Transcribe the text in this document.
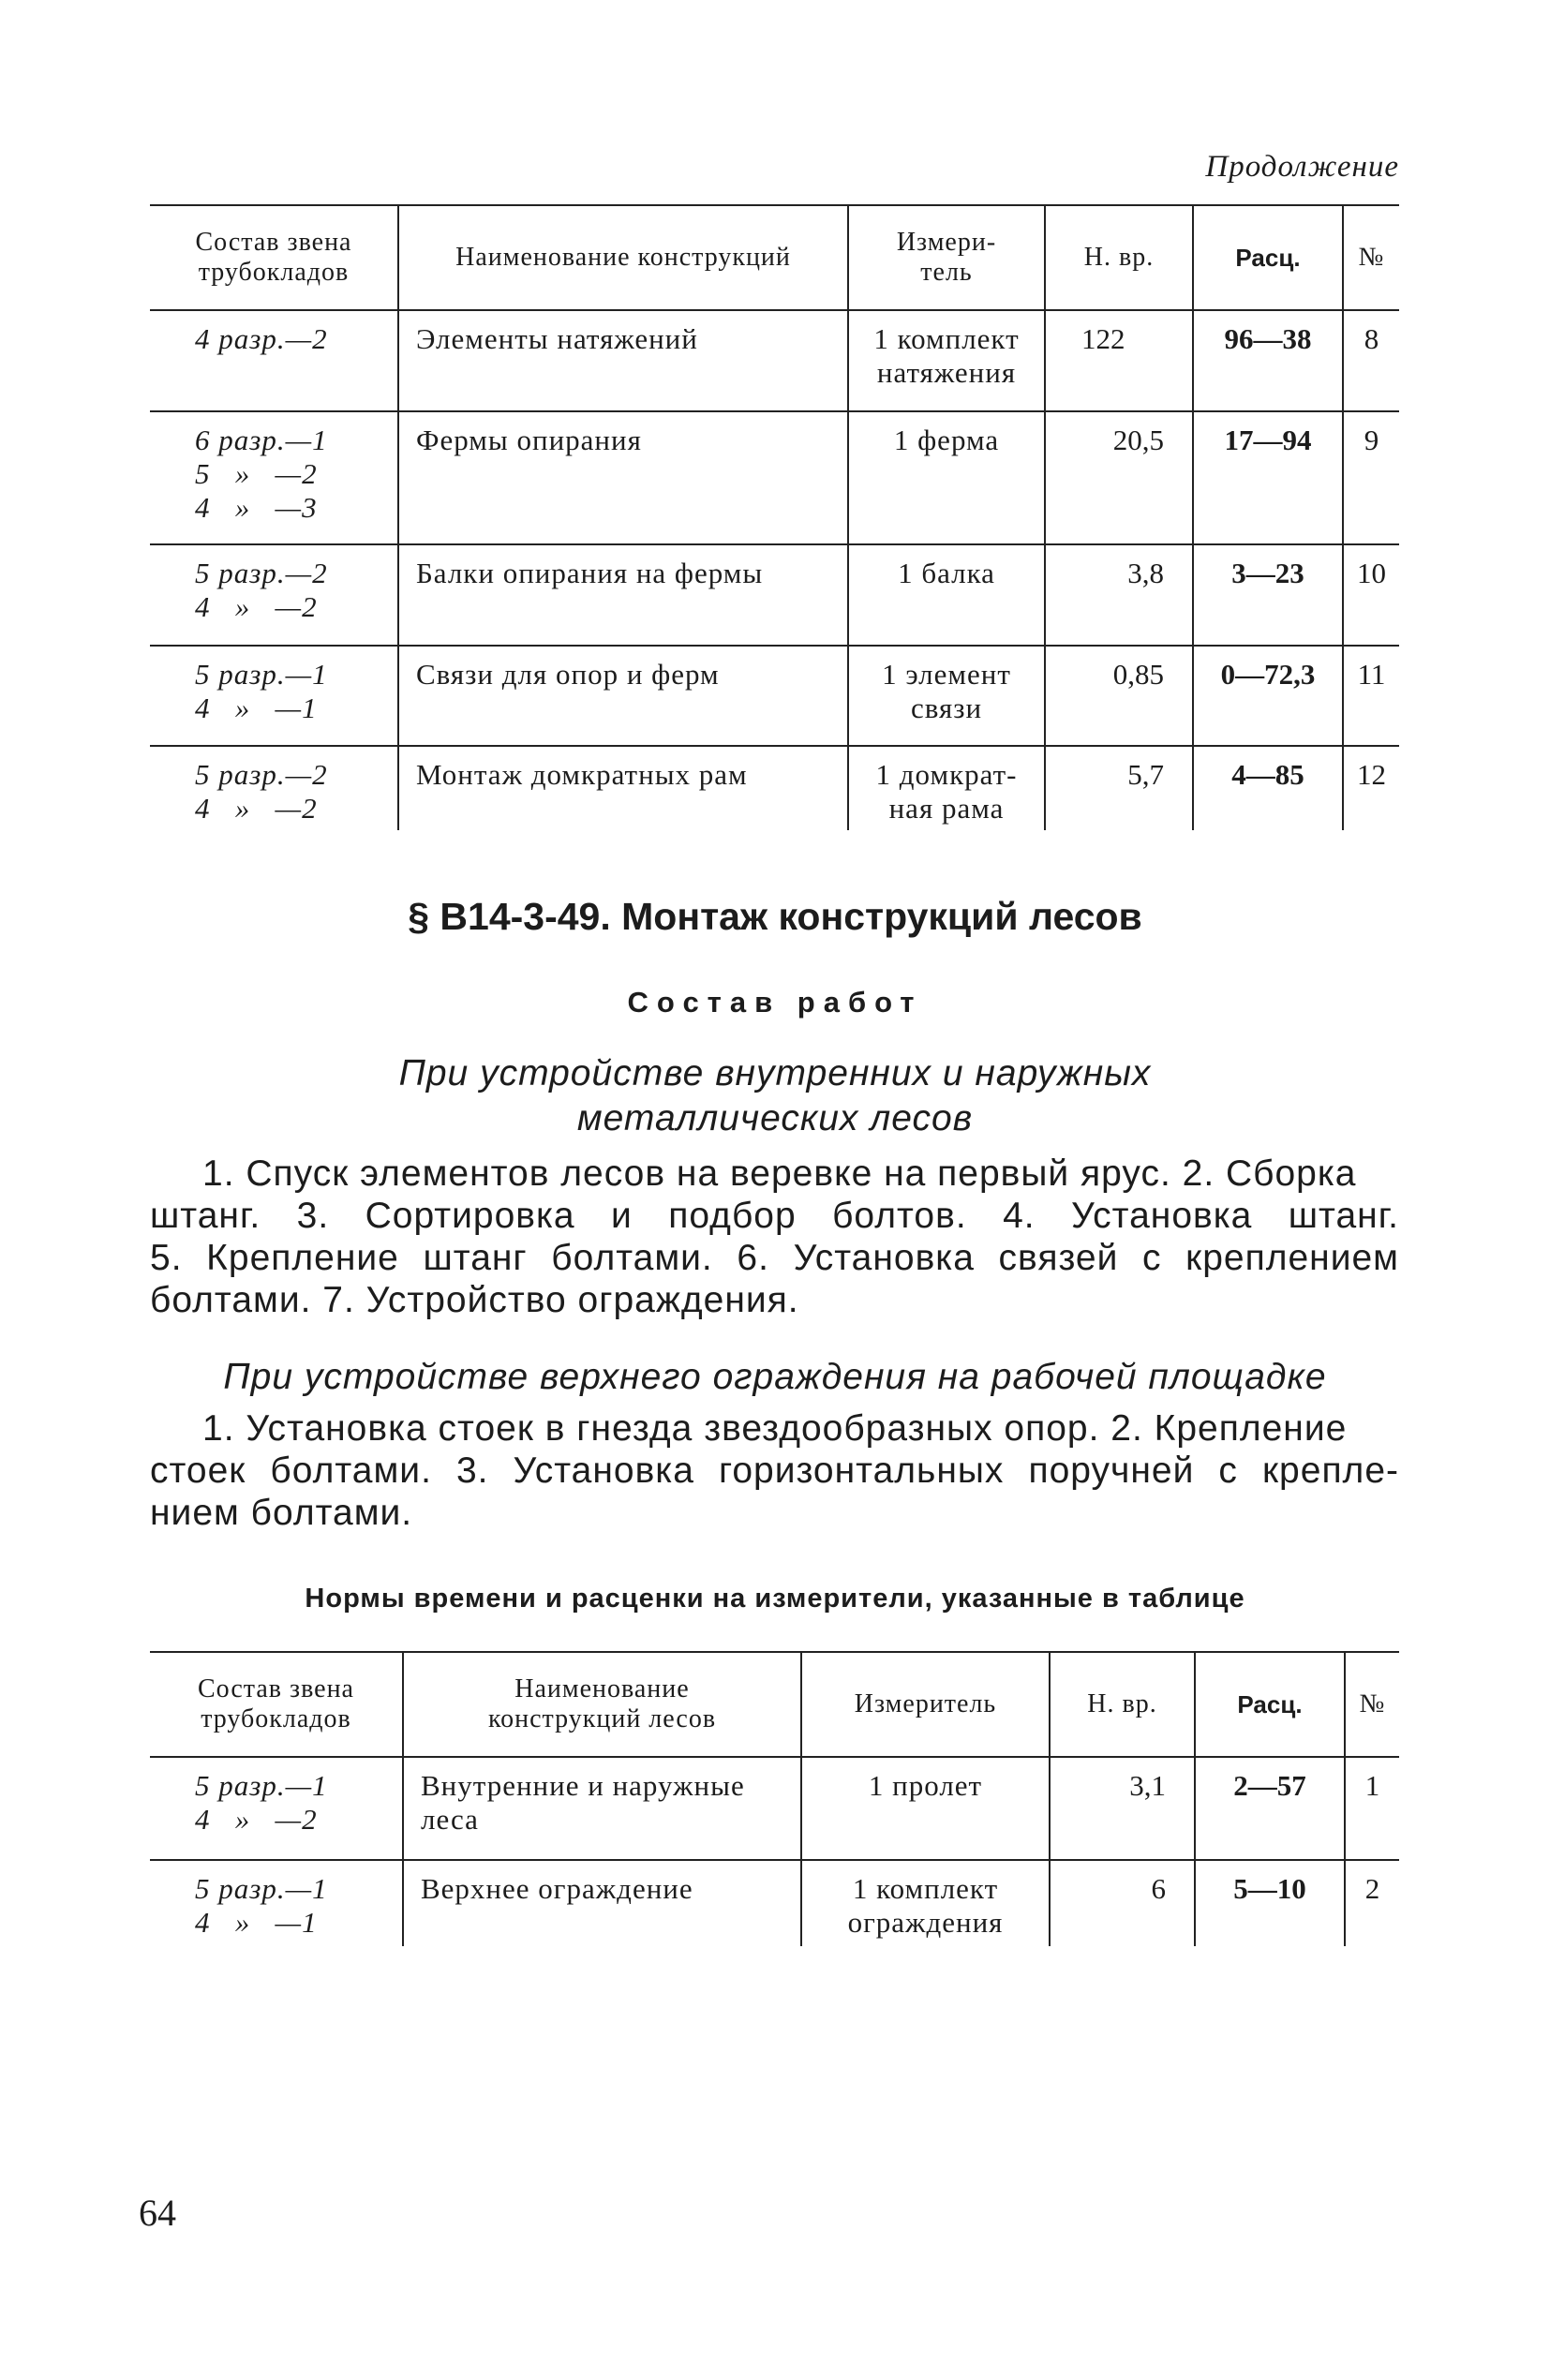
Продолжение
Состав звена трубокладов	Наименование конструкций	Измери-тель	Н. вр.	Расц.	№
4 разр.—2	Элементы натяжений	1 комплект натяжения	122	96—38	8
6 разр.—1
5   »   —2
4   »   —3	Фермы опирания	1 ферма	20,5	17—94	9
5 разр.—2
4   »   —2	Балки опирания на фермы	1 балка	3,8	3—23	10
5 разр.—1
4   »   —1	Связи для опор и ферм	1 элемент связи	0,85	0—72,3	11
5 разр.—2
4   »   —2	Монтаж домкратных рам	1 домкрат-ная рама	5,7	4—85	12
§ В14-3-49. Монтаж конструкций лесов
Состав работ
При устройстве внутренних и наружных
металлических лесов
1. Спуск элементов лесов на веревке на первый ярус. 2. Сборка
штанг. 3. Сортировка и подбор болтов. 4. Установка штанг.
5. Крепление штанг болтами. 6. Установка связей с креплением
болтами. 7. Устройство ограждения.
При устройстве верхнего ограждения на рабочей площадке
1. Установка стоек в гнезда звездообразных опор. 2. Крепление
стоек болтами. 3. Установка горизонтальных поручней с крепле-
нием болтами.
Нормы времени и расценки на измерители, указанные в таблице
Состав звена трубокладов	Наименование конструкций лесов	Измеритель	Н. вр.	Расц.	№
5 разр.—1
4   »   —2	Внутренние и наружные леса	1 пролет	3,1	2—57	1
5 разр.—1
4   »   —1	Верхнее ограждение	1 комплект ограждения	6	5—10	2
64
